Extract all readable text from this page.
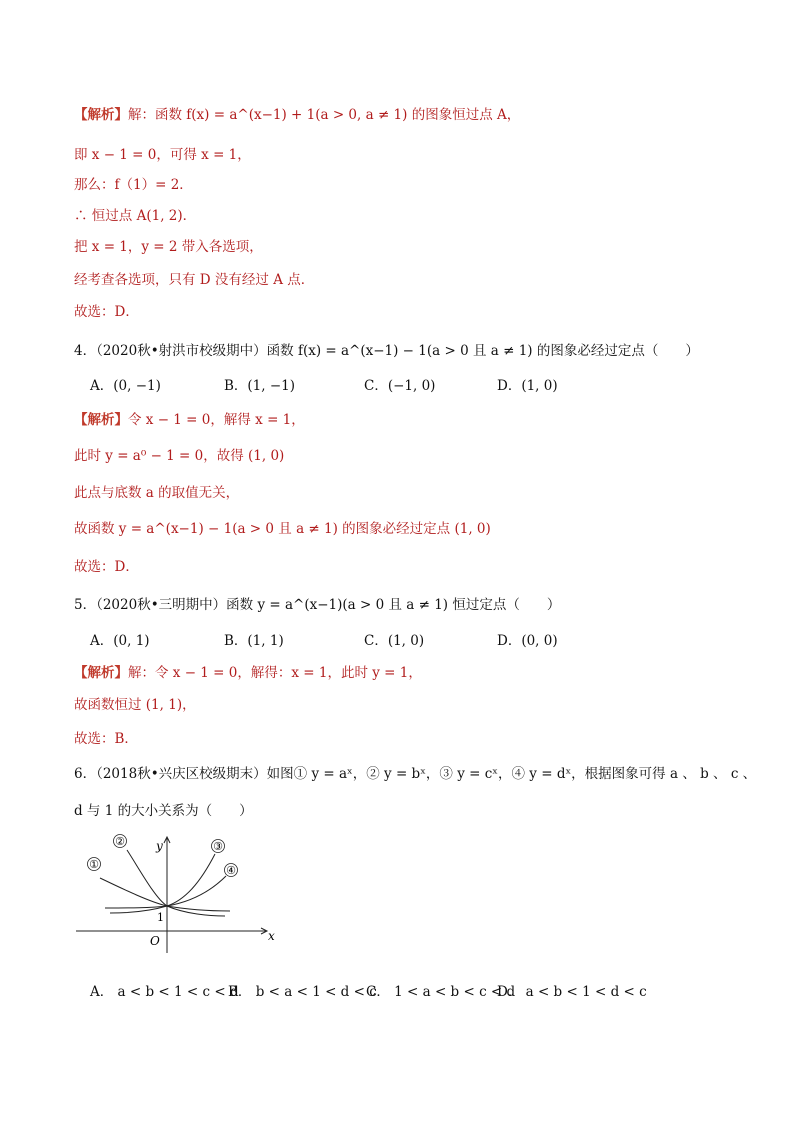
【解析】解：函数 f(x) = a^(x−1) + 1(a > 0, a ≠ 1) 的图象恒过点 A，
即 x − 1 = 0，可得 x = 1，
那么：f（1）= 2．
∴ 恒过点 A(1, 2)．
把 x = 1，y = 2 带入各选项，
经考查各选项，只有 D 没有经过 A 点．
故选：D．
4．（2020秋•射洪市校级期中）函数 f(x) = a^(x−1) − 1(a > 0 且 a ≠ 1) 的图象必经过定点（　　）
A．(0, −1)	B．(1, −1)	C．(−1, 0)	D．(1, 0)
【解析】令 x − 1 = 0，解得 x = 1，
此时 y = a⁰ − 1 = 0，故得 (1, 0)
此点与底数 a 的取值无关，
故函数 y = a^(x−1) − 1(a > 0 且 a ≠ 1) 的图象必经过定点 (1, 0)
故选：D．
5．（2020秋•三明期中）函数 y = a^(x−1)(a > 0 且 a ≠ 1) 恒过定点（　　）
A．(0, 1)	B．(1, 1)	C．(1, 0)	D．(0, 0)
【解析】解：令 x − 1 = 0，解得：x = 1，此时 y = 1，
故函数恒过 (1, 1)，
故选：B．
6．（2018秋•兴庆区校级期末）如图① y = aˣ，② y = bˣ，③ y = cˣ，④ y = dˣ，根据图象可得 a 、 b 、 c 、
d 与 1 的大小关系为（　　）
②
①
③
④
y
x
O
1
A． a < b < 1 < c < d
B． b < a < 1 < d < c
C． 1 < a < b < c < d
D． a < b < 1 < d < c
